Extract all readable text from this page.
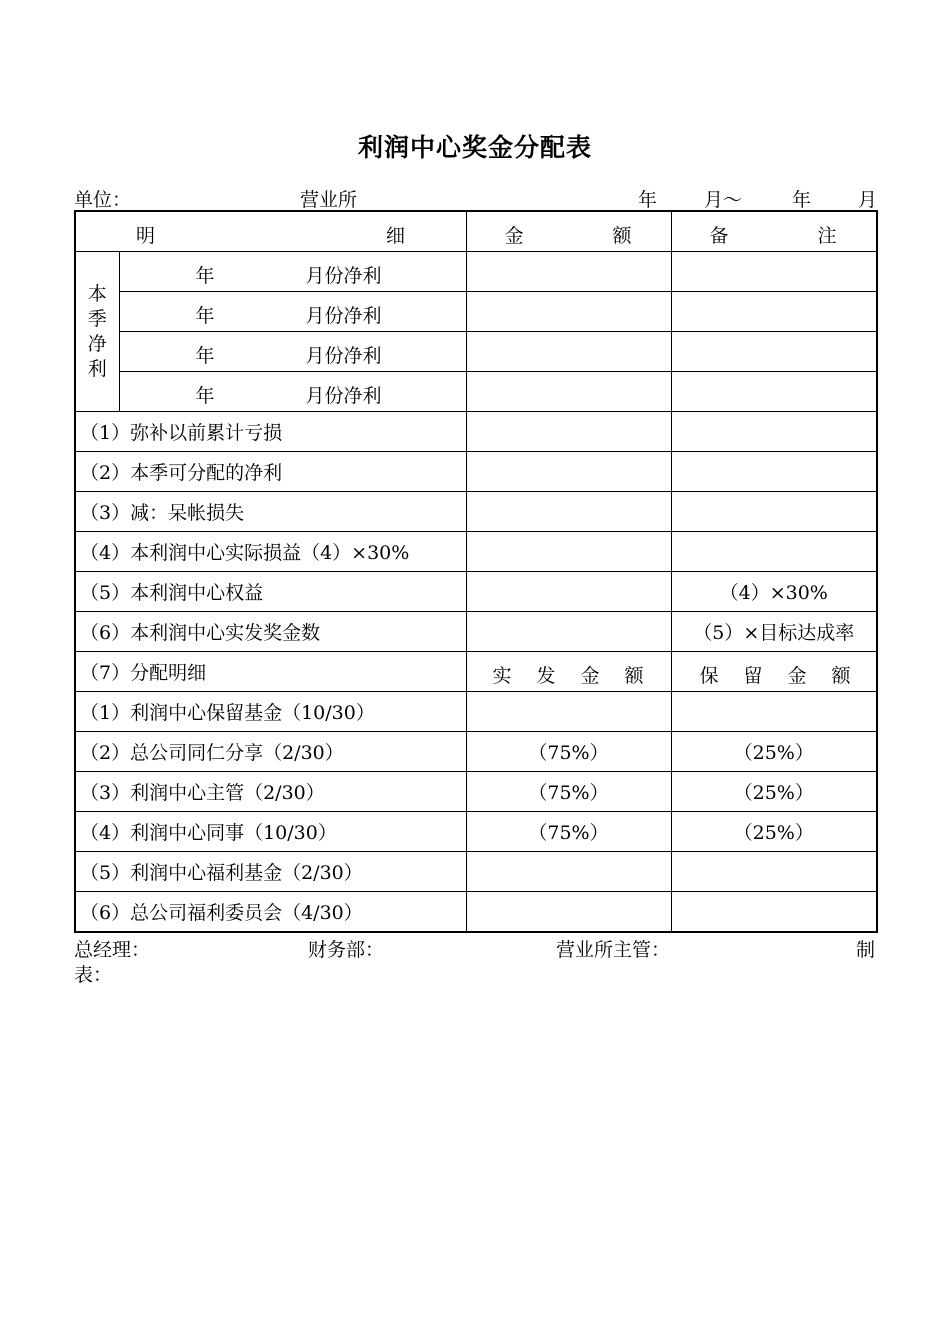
利润中心奖金分配表
单位：	营业所	年 月～	年 月
明 细		金 额	备 注

本
季
净
利	年 月份净利		

	年 月份净利		

	年 月份净利		

	年 月份净利		

（1）弥补以前累计亏损			
（2）本季可分配的净利			
（3）减：呆帐损失			
（4）本利润中心实际损益（4）×30%			
（5）本利润中心权益			（4）×30%
（6）本利润中心实发奖金数			（5）×目标达成率
（7）分配明细		实 发 金 额	保 留 金 额

（1）利润中心保留基金（10/30）			
（2）总公司同仁分享（2/30）		（75%）	（25%）
（3）利润中心主管（2/30）		（75%）	（25%）
（4）利润中心同事（10/30）		（75%）	（25%）
（5）利润中心福利基金（2/30）			
（6）总公司福利委员会（4/30）			
总经理：	财务部：	营业所主管：	制
表：
